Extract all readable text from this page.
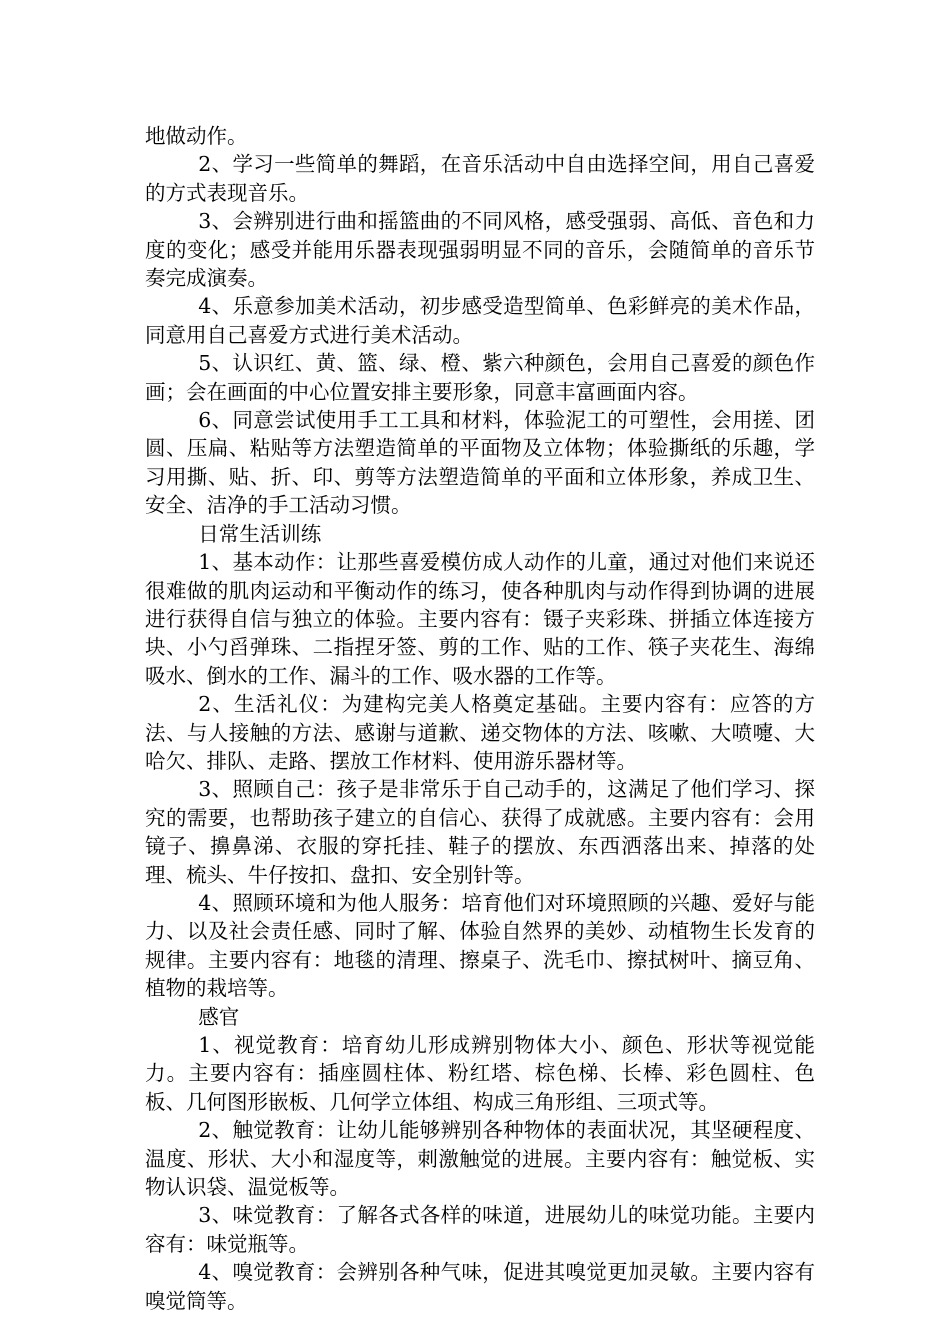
地做动作。

2、学习一些简单的舞蹈，在音乐活动中自由选择空间，用自己喜爱的方式表现音乐。

3、会辨别进行曲和摇篮曲的不同风格，感受强弱、高低、音色和力度的变化；感受并能用乐器表现强弱明显不同的音乐，会随简单的音乐节奏完成演奏。

4、乐意参加美术活动，初步感受造型简单、色彩鲜亮的美术作品，同意用自己喜爱方式进行美术活动。

5、认识红、黄、篮、绿、橙、紫六种颜色，会用自己喜爱的颜色作画；会在画面的中心位置安排主要形象，同意丰富画面内容。

6、同意尝试使用手工工具和材料，体验泥工的可塑性，会用搓、团圆、压扁、粘贴等方法塑造简单的平面物及立体物；体验撕纸的乐趣，学习用撕、贴、折、印、剪等方法塑造简单的平面和立体形象，养成卫生、安全、洁净的手工活动习惯。

日常生活训练

1、基本动作：让那些喜爱模仿成人动作的儿童，通过对他们来说还很难做的肌肉运动和平衡动作的练习，使各种肌肉与动作得到协调的进展进行获得自信与独立的体验。主要内容有：镊子夹彩珠、拼插立体连接方块、小勺舀弹珠、二指捏牙签、剪的工作、贴的工作、筷子夹花生、海绵吸水、倒水的工作、漏斗的工作、吸水器的工作等。

2、生活礼仪：为建构完美人格奠定基础。主要内容有：应答的方法、与人接触的方法、感谢与道歉、递交物体的方法、咳嗽、大喷嚏、大哈欠、排队、走路、摆放工作材料、使用游乐器材等。

3、照顾自己：孩子是非常乐于自己动手的，这满足了他们学习、探究的需要，也帮助孩子建立的自信心、获得了成就感。主要内容有：会用镜子、擤鼻涕、衣服的穿托挂、鞋子的摆放、东西洒落出来、掉落的处理、梳头、牛仔按扣、盘扣、安全别针等。

4、照顾环境和为他人服务：培育他们对环境照顾的兴趣、爱好与能力、以及社会责任感、同时了解、体验自然界的美妙、动植物生长发育的规律。主要内容有：地毯的清理、擦桌子、洗毛巾、擦拭树叶、摘豆角、植物的栽培等。

感官

1、视觉教育：培育幼儿形成辨别物体大小、颜色、形状等视觉能力。主要内容有：插座圆柱体、粉红塔、棕色梯、长棒、彩色圆柱、色板、几何图形嵌板、几何学立体组、构成三角形组、三项式等。

2、触觉教育：让幼儿能够辨别各种物体的表面状况，其坚硬程度、温度、形状、大小和湿度等，刺激触觉的进展。主要内容有：触觉板、实物认识袋、温觉板等。

3、味觉教育：了解各式各样的味道，进展幼儿的味觉功能。主要内容有：味觉瓶等。

4、嗅觉教育：会辨别各种气味，促进其嗅觉更加灵敏。主要内容有嗅觉筒等。
